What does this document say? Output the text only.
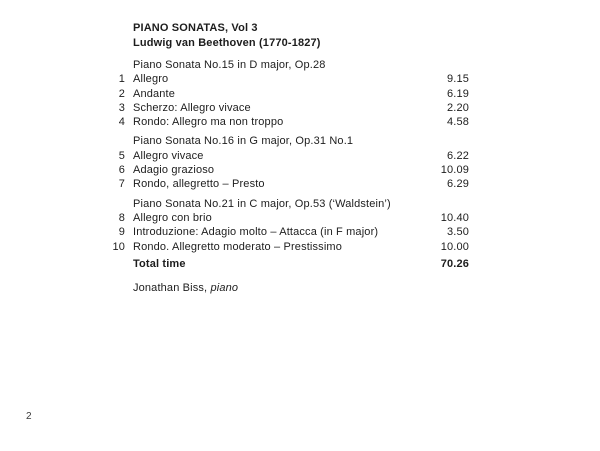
PIANO SONATAS, Vol 3
Ludwig van Beethoven (1770-1827)
Piano Sonata No.15 in D major, Op.28
1 Allegro	9.15
2 Andante	6.19
3 Scherzo: Allegro vivace	2.20
4 Rondo: Allegro ma non troppo	4.58
Piano Sonata No.16 in G major, Op.31 No.1
5 Allegro vivace	6.22
6 Adagio grazioso	10.09
7 Rondo, allegretto – Presto	6.29
Piano Sonata No.21 in C major, Op.53 (‘Waldstein’)
8 Allegro con brio	10.40
9 Introduzione: Adagio molto – Attacca (in F major)	3.50
10 Rondo. Allegretto moderato – Prestissimo	10.00
Total time	70.26
Jonathan Biss, piano
2
